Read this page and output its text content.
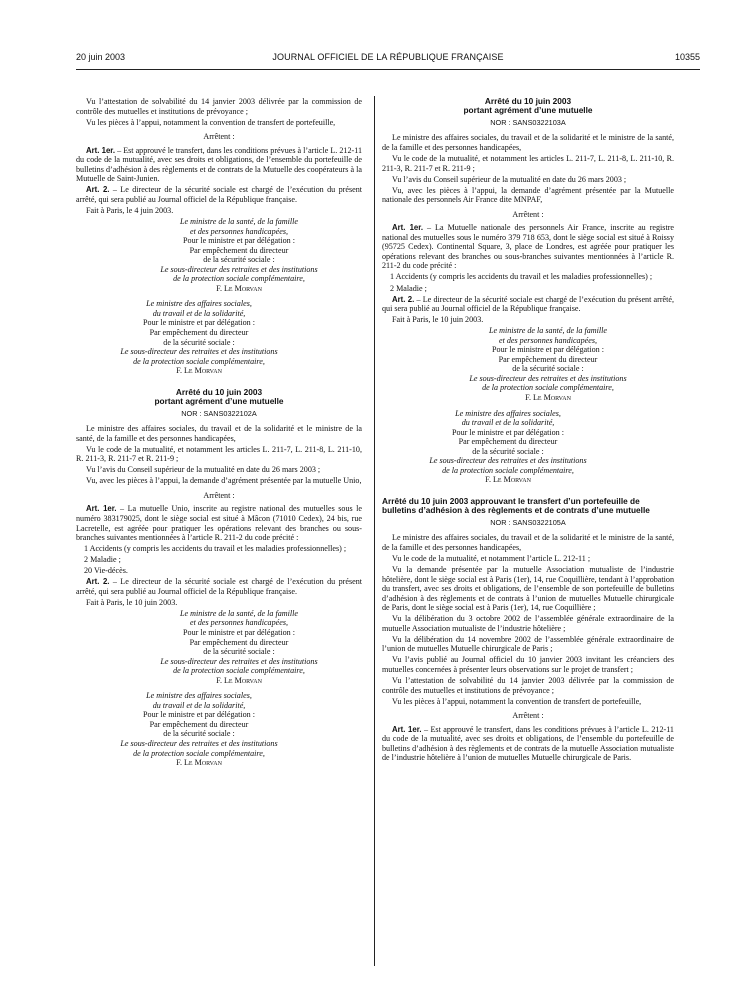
20 juin 2003	JOURNAL OFFICIEL DE LA RÉPUBLIQUE FRANÇAISE	10355

Vu l’attestation de solvabilité du 14 janvier 2003 délivrée par la commission de contrôle des mutuelles et institutions de prévoyance ;

Vu les pièces à l’appui, notamment la convention de transfert de portefeuille,

Arrêtent :

Art. 1er. – Est approuvé le transfert, dans les conditions prévues à l’article L. 212-11 du code de la mutualité, avec ses droits et obligations, de l’ensemble du portefeuille de bulletins d’adhésion à des règlements et de contrats de la Mutuelle des coopérateurs à la Mutuelle de Saint-Junien.

Art. 2. – Le directeur de la sécurité sociale est chargé de l’exécution du présent arrêté, qui sera publié au Journal officiel de la République française.

Fait à Paris, le 4 juin 2003.

Le ministre de la santé, de la famille

et des personnes handicapées,

Pour le ministre et par délégation :

Par empêchement du directeur

de la sécurité sociale :

Le sous-directeur des retraites et des institutions

de la protection sociale complémentaire,

F. Le Morvan

Le ministre des affaires sociales,

du travail et de la solidarité,

Pour le ministre et par délégation :

Par empêchement du directeur

de la sécurité sociale :

Le sous-directeur des retraites et des institutions

de la protection sociale complémentaire,

F. Le Morvan

Arrêté du 10 juin 2003

portant agrément d’une mutuelle

NOR : SANS0322102A

Le ministre des affaires sociales, du travail et de la solidarité et le ministre de la santé, de la famille et des personnes handicapées,

Vu le code de la mutualité, et notamment les articles L. 211-7, L. 211-8, L. 211-10, R. 211-3, R. 211-7 et R. 211-9 ;

Vu l’avis du Conseil supérieur de la mutualité en date du 26 mars 2003 ;

Vu, avec les pièces à l’appui, la demande d’agrément présentée par la mutuelle Unio,

Arrêtent :

Art. 1er. – La mutuelle Unio, inscrite au registre national des mutuelles sous le numéro 383179025, dont le siège social est situé à Mâcon (71010 Cedex), 24 bis, rue Lacretelle, est agréée pour pratiquer les opérations relevant des branches ou sous-branches suivantes mentionnées à l’article R. 211-2 du code précité :

1 Accidents (y compris les accidents du travail et les maladies professionnelles) ;

2 Maladie ;

20 Vie-décès.

Art. 2. – Le directeur de la sécurité sociale est chargé de l’exécution du présent arrêté, qui sera publié au Journal officiel de la République française.

Fait à Paris, le 10 juin 2003.

Le ministre de la santé, de la famille

et des personnes handicapées,

Pour le ministre et par délégation :

Par empêchement du directeur

de la sécurité sociale :

Le sous-directeur des retraites et des institutions

de la protection sociale complémentaire,

F. Le Morvan

Le ministre des affaires sociales,

du travail et de la solidarité,

Pour le ministre et par délégation :

Par empêchement du directeur

de la sécurité sociale :

Le sous-directeur des retraites et des institutions

de la protection sociale complémentaire,

F. Le Morvan

Arrêté du 10 juin 2003

portant agrément d’une mutuelle

NOR : SANS0322103A

Le ministre des affaires sociales, du travail et de la solidarité et le ministre de la santé, de la famille et des personnes handicapées,

Vu le code de la mutualité, et notamment les articles L. 211-7, L. 211-8, L. 211-10, R. 211-3, R. 211-7 et R. 211-9 ;

Vu l’avis du Conseil supérieur de la mutualité en date du 26 mars 2003 ;

Vu, avec les pièces à l’appui, la demande d’agrément présentée par la Mutuelle nationale des personnels Air France dite MNPAF,

Arrêtent :

Art. 1er. – La Mutuelle nationale des personnels Air France, inscrite au registre national des mutuelles sous le numéro 379 718 653, dont le siège social est situé à Roissy (95725 Cedex). Continental Square, 3, place de Londres, est agréée pour pratiquer les opérations relevant des branches ou sous-branches suivantes mentionnées à l’article R. 211-2 du code précité :

1 Accidents (y compris les accidents du travail et les maladies professionnelles) ;

2 Maladie ;

Art. 2. – Le directeur de la sécurité sociale est chargé de l’exécution du présent arrêté, qui sera publié au Journal officiel de la République française.

Fait à Paris, le 10 juin 2003.

Le ministre de la santé, de la famille

et des personnes handicapées,

Pour le ministre et par délégation :

Par empêchement du directeur

de la sécurité sociale :

Le sous-directeur des retraites et des institutions

de la protection sociale complémentaire,

F. Le Morvan

Le ministre des affaires sociales,

du travail et de la solidarité,

Pour le ministre et par délégation :

Par empêchement du directeur

de la sécurité sociale :

Le sous-directeur des retraites et des institutions

de la protection sociale complémentaire,

F. Le Morvan

Arrêté du 10 juin 2003 approuvant le transfert d’un portefeuille de bulletins d’adhésion à des règlements et de contrats d’une mutuelle

NOR : SANS0322105A

Le ministre des affaires sociales, du travail et de la solidarité et le ministre de la santé, de la famille et des personnes handicapées,

Vu le code de la mutualité, et notamment l’article L. 212-11 ;

Vu la demande présentée par la mutuelle Association mutualiste de l’industrie hôtelière, dont le siège social est à Paris (1er), 14, rue Coquillière, tendant à l’approbation du transfert, avec ses droits et obligations, de l’ensemble de son portefeuille de bulletins d’adhésion à des règlements et de contrats à l’union de mutuelles Mutuelle chirurgicale de Paris, dont le siège social est à Paris (1er), 14, rue Coquillière ;

Vu la délibération du 3 octobre 2002 de l’assemblée générale extraordinaire de la mutuelle Association mutualiste de l’industrie hôtelière ;

Vu la délibération du 14 novembre 2002 de l’assemblée générale extraordinaire de l’union de mutuelles Mutuelle chirurgicale de Paris ;

Vu l’avis publié au Journal officiel du 10 janvier 2003 invitant les créanciers des mutuelles concernées à présenter leurs observations sur le projet de transfert ;

Vu l’attestation de solvabilité du 14 janvier 2003 délivrée par la commission de contrôle des mutuelles et institutions de prévoyance ;

Vu les pièces à l’appui, notamment la convention de transfert de portefeuille,

Arrêtent :

Art. 1er. – Est approuvé le transfert, dans les conditions prévues à l’article L. 212-11 du code de la mutualité, avec ses droits et obligations, de l’ensemble du portefeuille de bulletins d’adhésion à des règlements et de contrats de la mutuelle Association mutualiste de l’industrie hôtelière à l’union de mutuelles Mutuelle chirurgicale de Paris.
